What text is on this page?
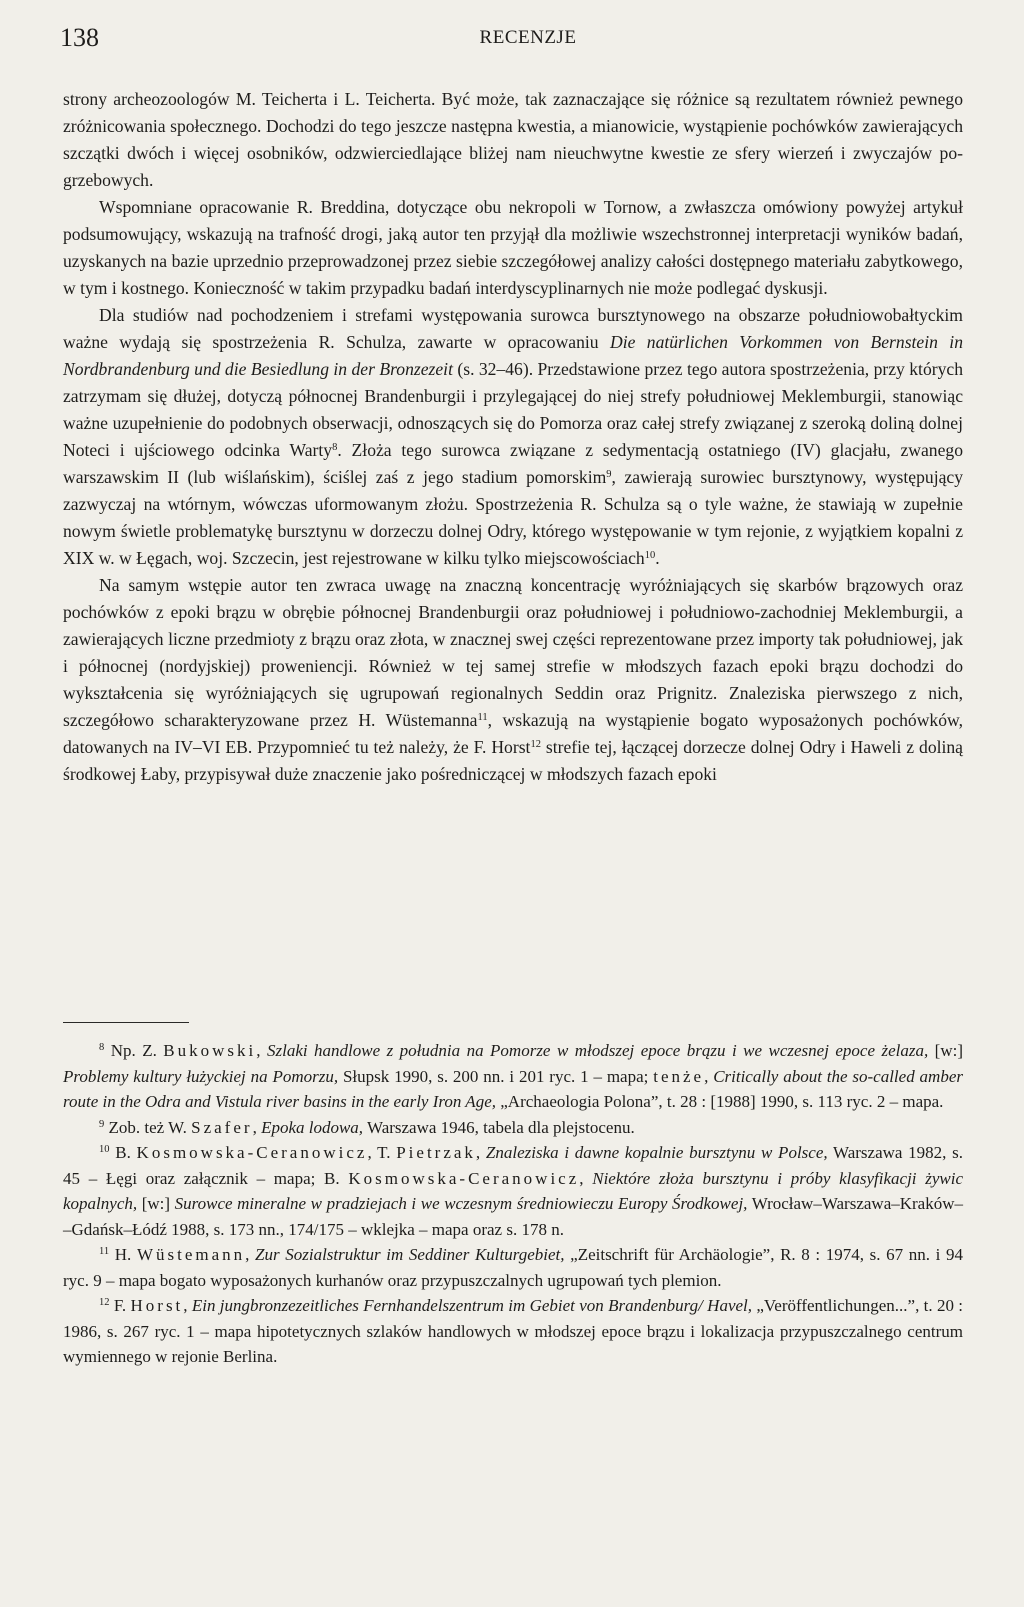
138	RECENZJE

strony archeozoologów M. Teicherta i L. Teicherta. Być może, tak zaznaczające się różnice są rezultatem również pewnego zróżnicowania społecznego. Dochodzi do tego jeszcze następna kwestia, a mianowicie, wystąpienie pochówków zawierających szczątki dwóch i więcej osobników, odzwierciedlające bliżej nam nieuchwytne kwestie ze sfery wierzeń i zwyczajów pogrzebowych.

Wspomniane opracowanie R. Breddina, dotyczące obu nekropoli w Tornow, a zwłaszcza omówiony powyżej artykuł podsumowujący, wskazują na trafność drogi, jaką autor ten przyjął dla możliwie wszechstronnej interpretacji wyników badań, uzyskanych na bazie uprzednio przeprowadzonej przez siebie szczegółowej analizy całości dostępnego materiału zabytkowego, w tym i kostnego. Konieczność w takim przypadku badań interdyscyplinarnych nie może podlegać dyskusji.

Dla studiów nad pochodzeniem i strefami występowania surowca bursztynowego na obszarze południowobałtyckim ważne wydają się spostrzeżenia R. Schulza, zawarte w opracowaniu Die natürlichen Vorkommen von Bernstein in Nordbrandenburg und die Besiedlung in der Bronzezeit (s. 32–46). Przedstawione przez tego autora spostrzeżenia, przy których zatrzymam się dłużej, dotyczą północnej Brandenburgii i przylegającej do niej strefy południowej Meklemburgii, stanowiąc ważne uzupełnienie do podobnych obserwacji, odnoszących się do Pomorza oraz całej strefy związanej z szeroką doliną dolnej Noteci i ujściowego odcinka Warty$^8$. Złoża tego surowca związane z sedymentacją ostatniego (IV) glacjału, zwanego warszawskim II (lub wiślańskim), ściślej zaś z jego stadium pomorskim$^9$, zawierają surowiec bursztynowy, występujący zazwyczaj na wtórnym, wówczas uformowanym złożu. Spostrzeżenia R. Schulza są o tyle ważne, że stawiają w zupełnie nowym świetle problematykę bursztynu w dorzeczu dolnej Odry, którego występowanie w tym rejonie, z wyjątkiem kopalni z XIX w. w Łęgach, woj. Szczecin, jest rejestrowane w kilku tylko miejscowościach$^{10}$.

Na samym wstępie autor ten zwraca uwagę na znaczną koncentrację wyróżniających się skarbów brązowych oraz pochówków z epoki brązu w obrębie północnej Brandenburgii oraz południowej i południowo-zachodniej Meklemburgii, a zawierających liczne przedmioty z brązu oraz złota, w znacznej swej części reprezentowane przez importy tak południowej, jak i północnej (nordyjskiej) proweniencji. Również w tej samej strefie w młodszych fazach epoki brązu dochodzi do wykształcenia się wyróżniających się ugrupowań regionalnych Seddin oraz Prignitz. Znaleziska pierwszego z nich, szczegółowo scharakteryzowane przez H. Wüstemanna$^{11}$, wskazują na wystąpienie bogato wyposażonych pochówków, datowanych na IV–VI EB. Przypomnieć tu też należy, że F. Horst$^{12}$ strefie tej, łączącej dorzecze dolnej Odry i Haweli z doliną środkowej Łaby, przypisywał duże znaczenie jako pośredniczącej w młodszych fazach epoki

$^8$ Np. Z. Bukowski, Szlaki handlowe z południa na Pomorze w młodszej epoce brązu i we wczesnej epoce żelaza, [w:] Problemy kultury łużyckiej na Pomorzu, Słupsk 1990, s. 200 nn. i 201 ryc. 1 – mapa; tenże, Critically about the so-called amber route in the Odra and Vistula river basins in the early Iron Age, „Archaeologia Polona”, t. 28 : [1988] 1990, s. 113 ryc. 2 – mapa.

$^9$ Zob. też W. Szafer, Epoka lodowa, Warszawa 1946, tabela dla plejstocenu.

$^{10}$ B. Kosmowska-Ceranowicz, T. Pietrzak, Znaleziska i dawne kopalnie bursztynu w Polsce, Warszawa 1982, s. 45 – Łęgi oraz załącznik – mapa; B. Kosmowska-Ceranowicz, Niektóre złoża bursztynu i próby klasyfikacji żywic kopalnych, [w:] Surowce mineralne w pradziejach i we wczesnym średniowieczu Europy Środkowej, Wrocław–Warszawa–Kraków– –Gdańsk–Łódź 1988, s. 173 nn., 174/175 – wklejka – mapa oraz s. 178 n.

$^{11}$ H. Wüstemann, Zur Sozialstruktur im Seddiner Kulturgebiet, „Zeitschrift für Archäologie”, R. 8 : 1974, s. 67 nn. i 94 ryc. 9 – mapa bogato wyposażonych kurhanów oraz przypuszczalnych ugrupowań tych plemion.

$^{12}$ F. Horst, Ein jungbronzezeitliches Fernhandelszentrum im Gebiet von Brandenburg/ Havel, „Veröffentlichungen...”, t. 20 : 1986, s. 267 ryc. 1 – mapa hipotetycznych szlaków handlowych w młodszej epoce brązu i lokalizacja przypuszczalnego centrum wymiennego w rejonie Berlina.
